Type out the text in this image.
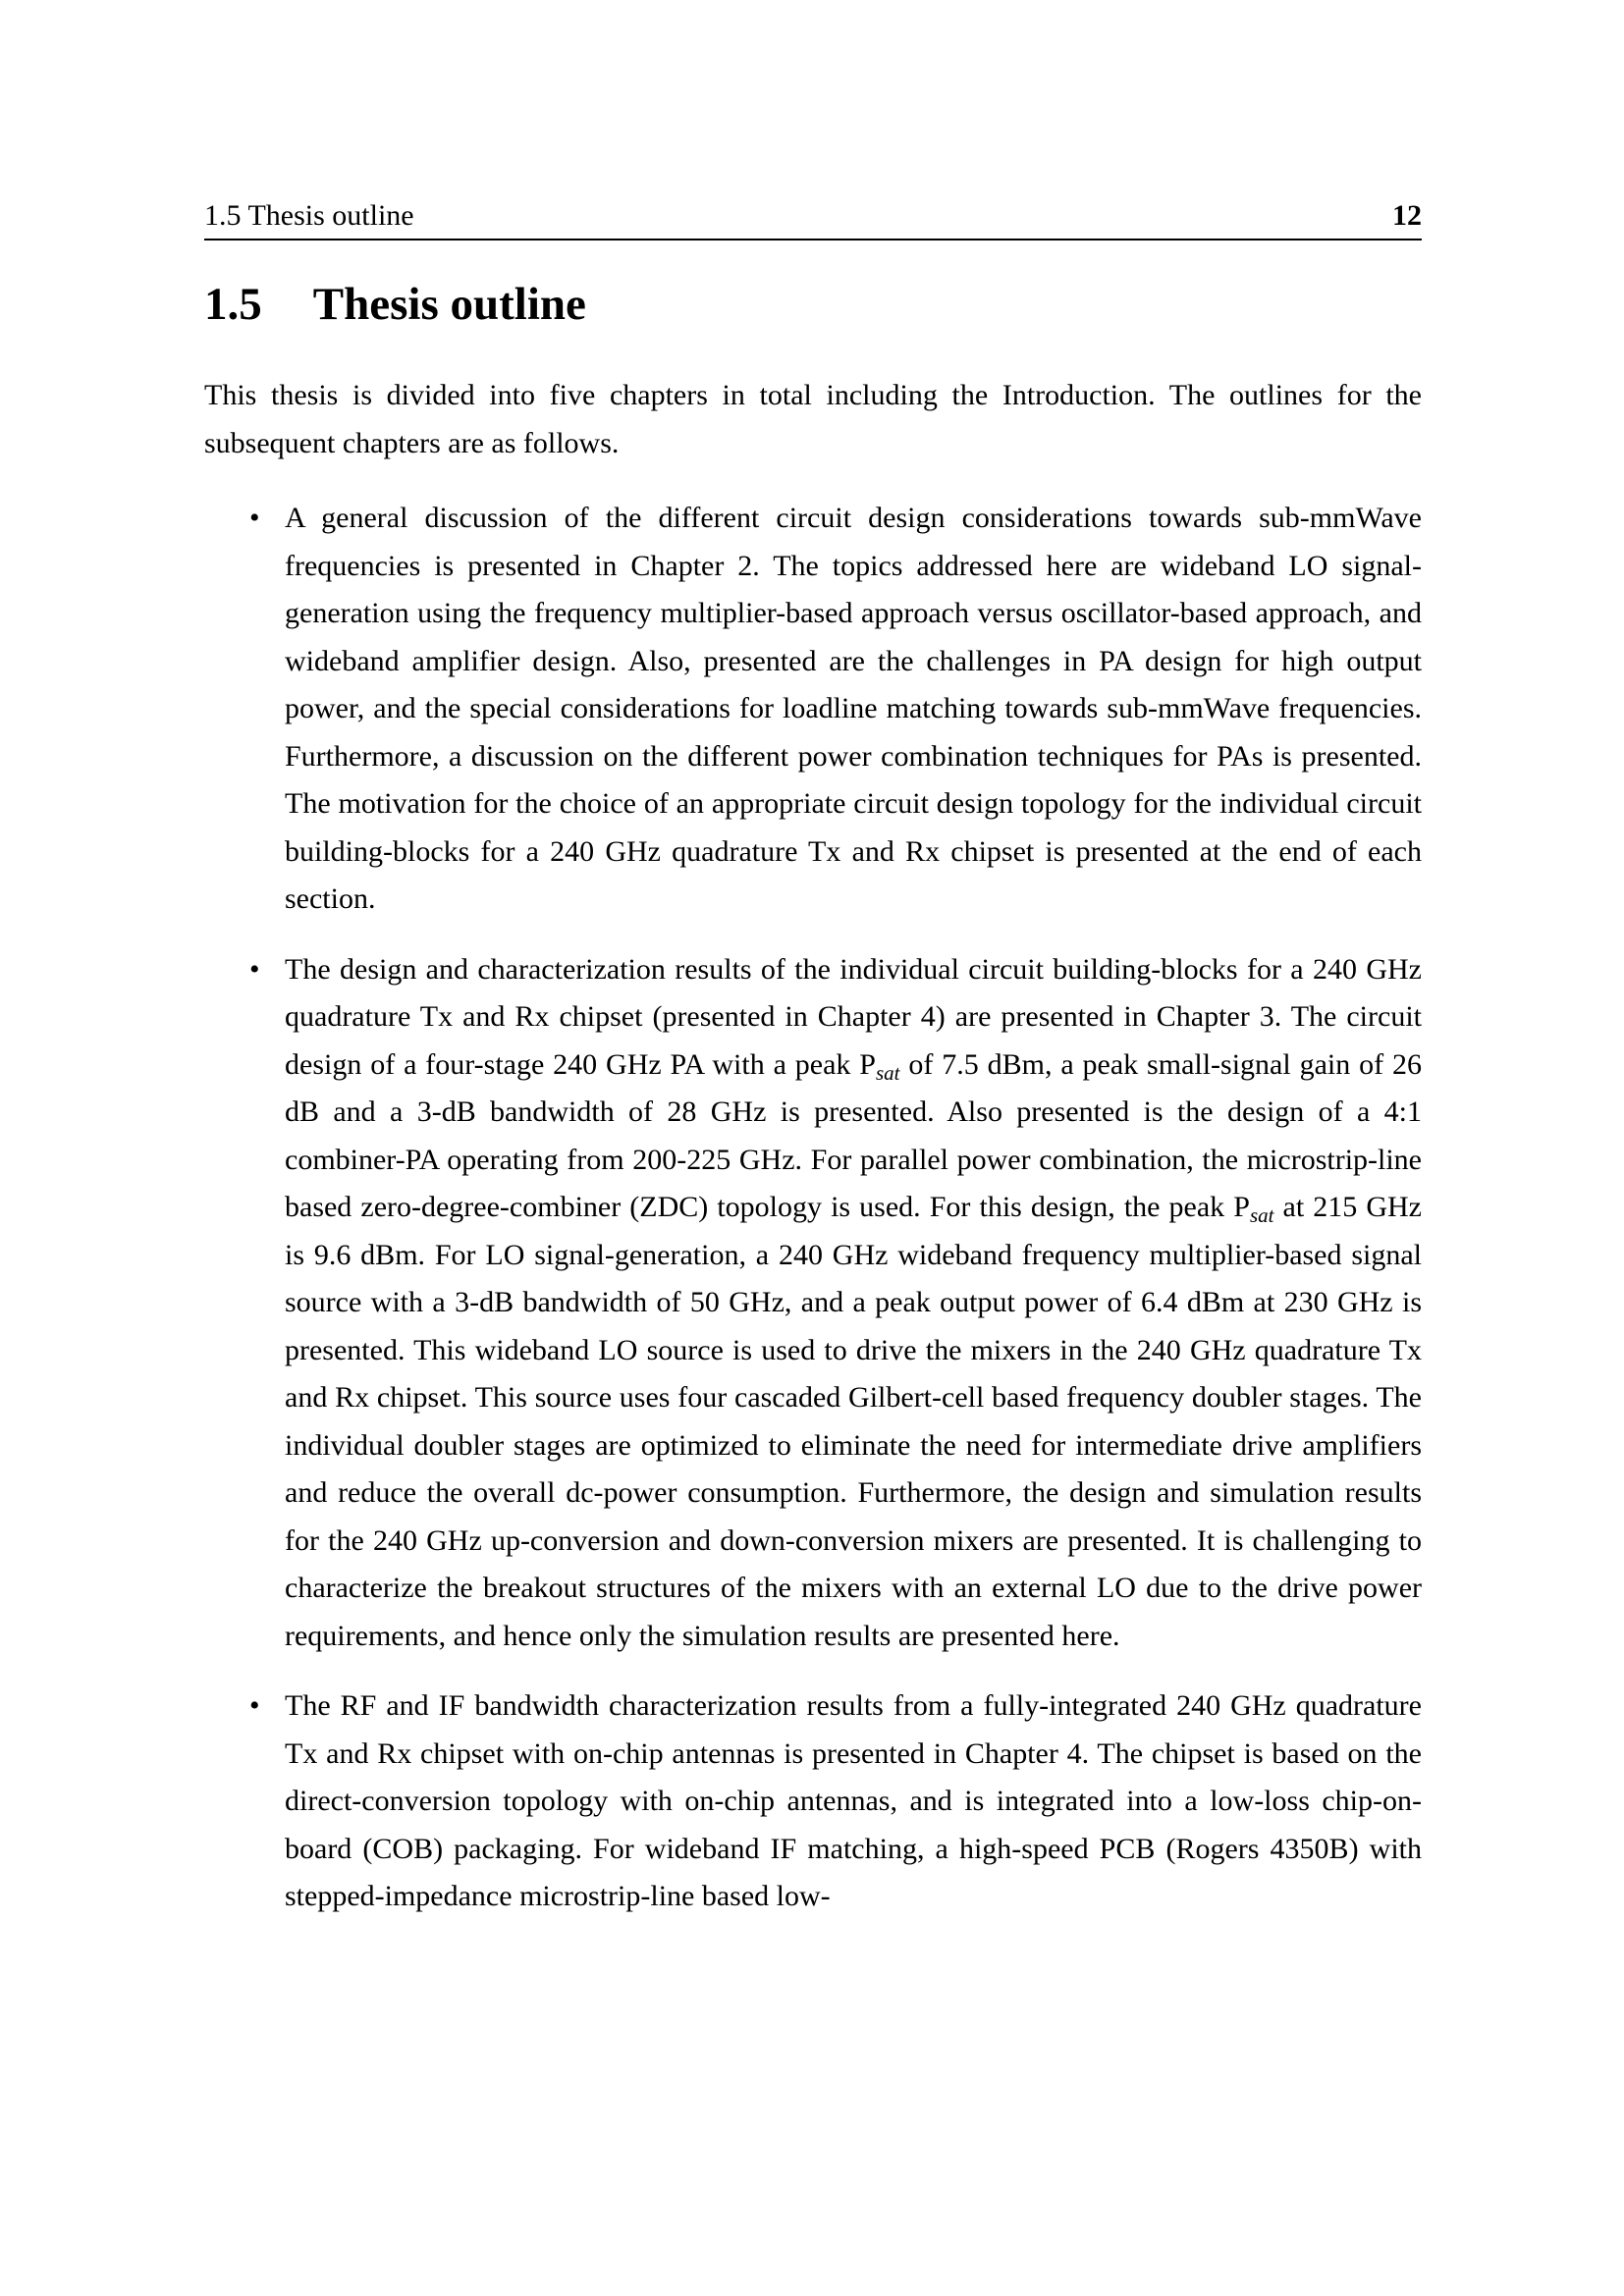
1.5 Thesis outline	12
1.5 Thesis outline

This thesis is divided into five chapters in total including the Introduction. The outlines for the subsequent chapters are as follows.

• A general discussion of the different circuit design considerations towards sub-mmWave frequencies is presented in Chapter 2. The topics addressed here are wideband LO signal-generation using the frequency multiplier-based approach versus oscillator-based approach, and wideband amplifier design. Also, presented are the challenges in PA design for high output power, and the special considerations for loadline matching towards sub-mmWave frequencies. Furthermore, a discussion on the different power combination techniques for PAs is presented. The motivation for the choice of an appropriate circuit design topology for the individual circuit building-blocks for a 240 GHz quadrature Tx and Rx chipset is presented at the end of each section.
• The design and characterization results of the individual circuit building-blocks for a 240 GHz quadrature Tx and Rx chipset (presented in Chapter 4) are presented in Chapter 3. The circuit design of a four-stage 240 GHz PA with a peak $P_{sat}$ of 7.5 dBm, a peak small-signal gain of 26 dB and a 3-dB bandwidth of 28 GHz is presented. Also presented is the design of a 4:1 combiner-PA operating from 200-225 GHz. For parallel power combination, the microstrip-line based zero-degree-combiner (ZDC) topology is used. For this design, the peak $P_{sat}$ at 215 GHz is 9.6 dBm. For LO signal-generation, a 240 GHz wideband frequency multiplier-based signal source with a 3-dB bandwidth of 50 GHz, and a peak output power of 6.4 dBm at 230 GHz is presented. This wideband LO source is used to drive the mixers in the 240 GHz quadrature Tx and Rx chipset. This source uses four cascaded Gilbert-cell based frequency doubler stages. The individual doubler stages are optimized to eliminate the need for intermediate drive amplifiers and reduce the overall dc-power consumption. Furthermore, the design and simulation results for the 240 GHz up-conversion and down-conversion mixers are presented. It is challenging to characterize the breakout structures of the mixers with an external LO due to the drive power requirements, and hence only the simulation results are presented here.
• The RF and IF bandwidth characterization results from a fully-integrated 240 GHz quadrature Tx and Rx chipset with on-chip antennas is presented in Chapter 4. The chipset is based on the direct-conversion topology with on-chip antennas, and is integrated into a low-loss chip-on-board (COB) packaging. For wideband IF matching, a high-speed PCB (Rogers 4350B) with stepped-impedance microstrip-line based low-
